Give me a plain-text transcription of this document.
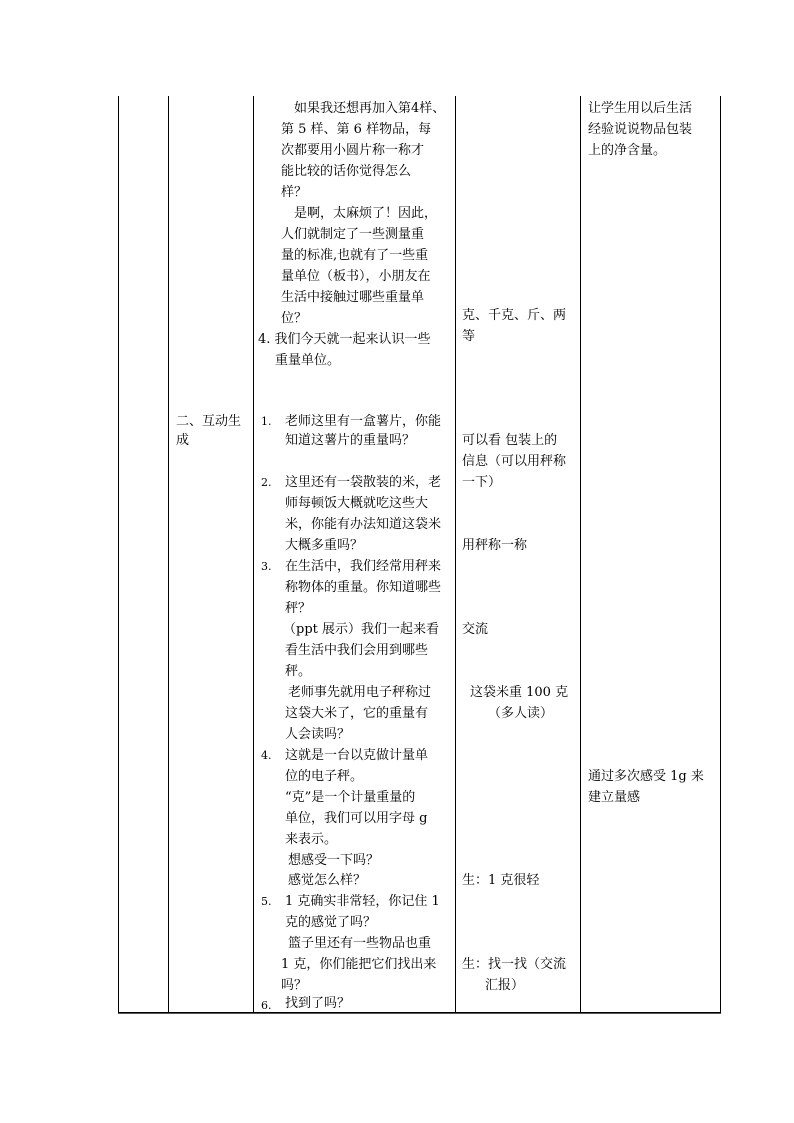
二、互动生
成
如果我还想再加入第4样、
第 5 样、第 6 样物品，每
次都要用小圆片称一称才
能比较的话你觉得怎么
样？
是啊，太麻烦了！因此，
人们就制定了一些测量重
量的标准,也就有了一些重
量单位（板书），小朋友在
生活中接触过哪些重量单
位？
4. 我们今天就一起来认识一些
重量单位。
1. 老师这里有一盒薯片，你能
知道这薯片的重量吗？
2. 这里还有一袋散装的米，老
师每顿饭大概就吃这些大
米，你能有办法知道这袋米
大概多重吗？
3. 在生活中，我们经常用秤来
称物体的重量。你知道哪些
秤？
（ppt 展示）我们一起来看
看生活中我们会用到哪些
秤。
老师事先就用电子秤称过
这袋大米了，它的重量有
人会读吗？
4. 这就是一台以克做计量单
位的电子秤。
“克”是一个计量重量的
单位，我们可以用字母 g
来表示。
想感受一下吗？
感觉怎么样？
5. 1 克确实非常轻，你记住 1
克的感觉了吗？
篮子里还有一些物品也重
1 克，你们能把它们找出来
吗？
6. 找到了吗？
克、千克、斤、两
等
可以看 包装上的
信息（可以用秤称
一下）
用秤称一称
交流
这袋米重 100 克
（多人读）
生：1 克很轻
生：找一找（交流
汇报）
让学生用以后生活
经验说说物品包装
上的净含量。
通过多次感受 1g 来
建立量感
